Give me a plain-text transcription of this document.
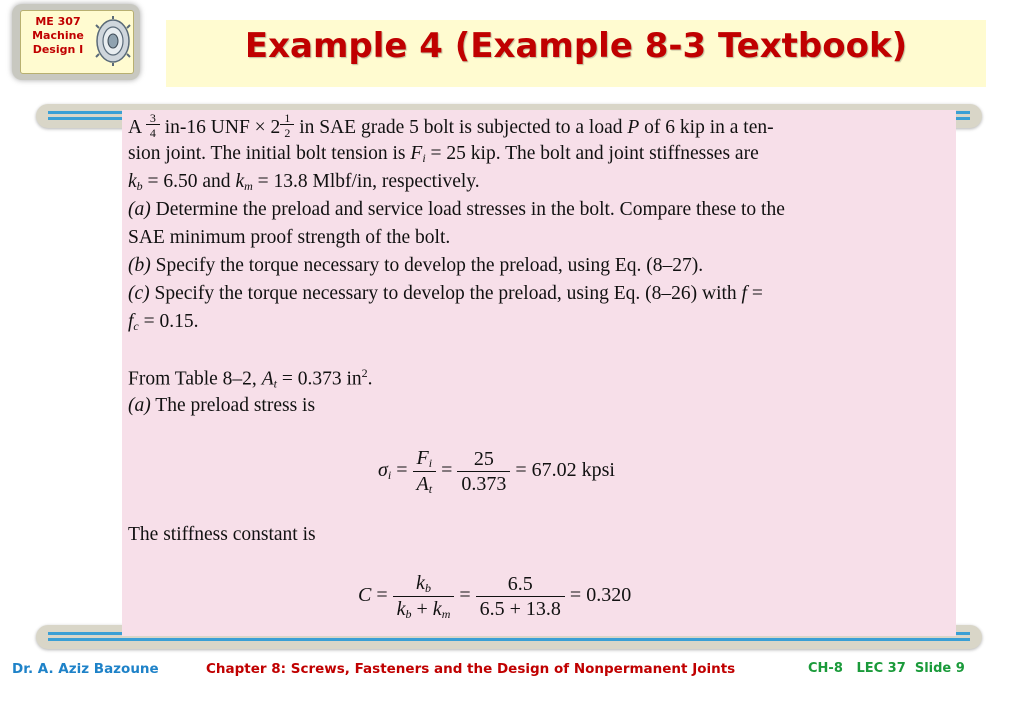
ME 307
Machine
Design I	Example 4 (Example 8-3 Textbook)
A $\frac{3}{4} in-16$ UNF × $2 \frac{1}{2}$ in SAE grade 5 bolt is subjected to a load P of 6 kip in a ten-
sion joint. The initial bolt tension is $F_i = 25$ kip. The bolt and joint stiffnesses are
$k_b = 6.50$ and $k_m = 13.8$ Mlbf/in, respectively.
(a) Determine the preload and service load stresses in the bolt. Compare these to the
SAE minimum proof strength of the bolt.
(b) Specify the torque necessary to develop the preload, using Eq. (8–27).
(c) Specify the torque necessary to develop the preload, using Eq. (8–26) with f =
$f_c = 0.15$.
From Table 8–2, $A_t = 0.373$ $in^2$.
(a) The preload stress is
$\sigma_i = \frac{F_i}{A_t} = \frac{25}{0.373} = 67.02$ kpsi
The stiffness constant is
$C = \frac{k_b}{k_b + k_m} = \frac{6.5}{6.5 + 13.8} = 0.320$
Dr. A. Aziz Bazoune	Chapter 8: Screws, Fasteners and the Design of Nonpermanent Joints	CH-8 LEC 37 Slide 9
